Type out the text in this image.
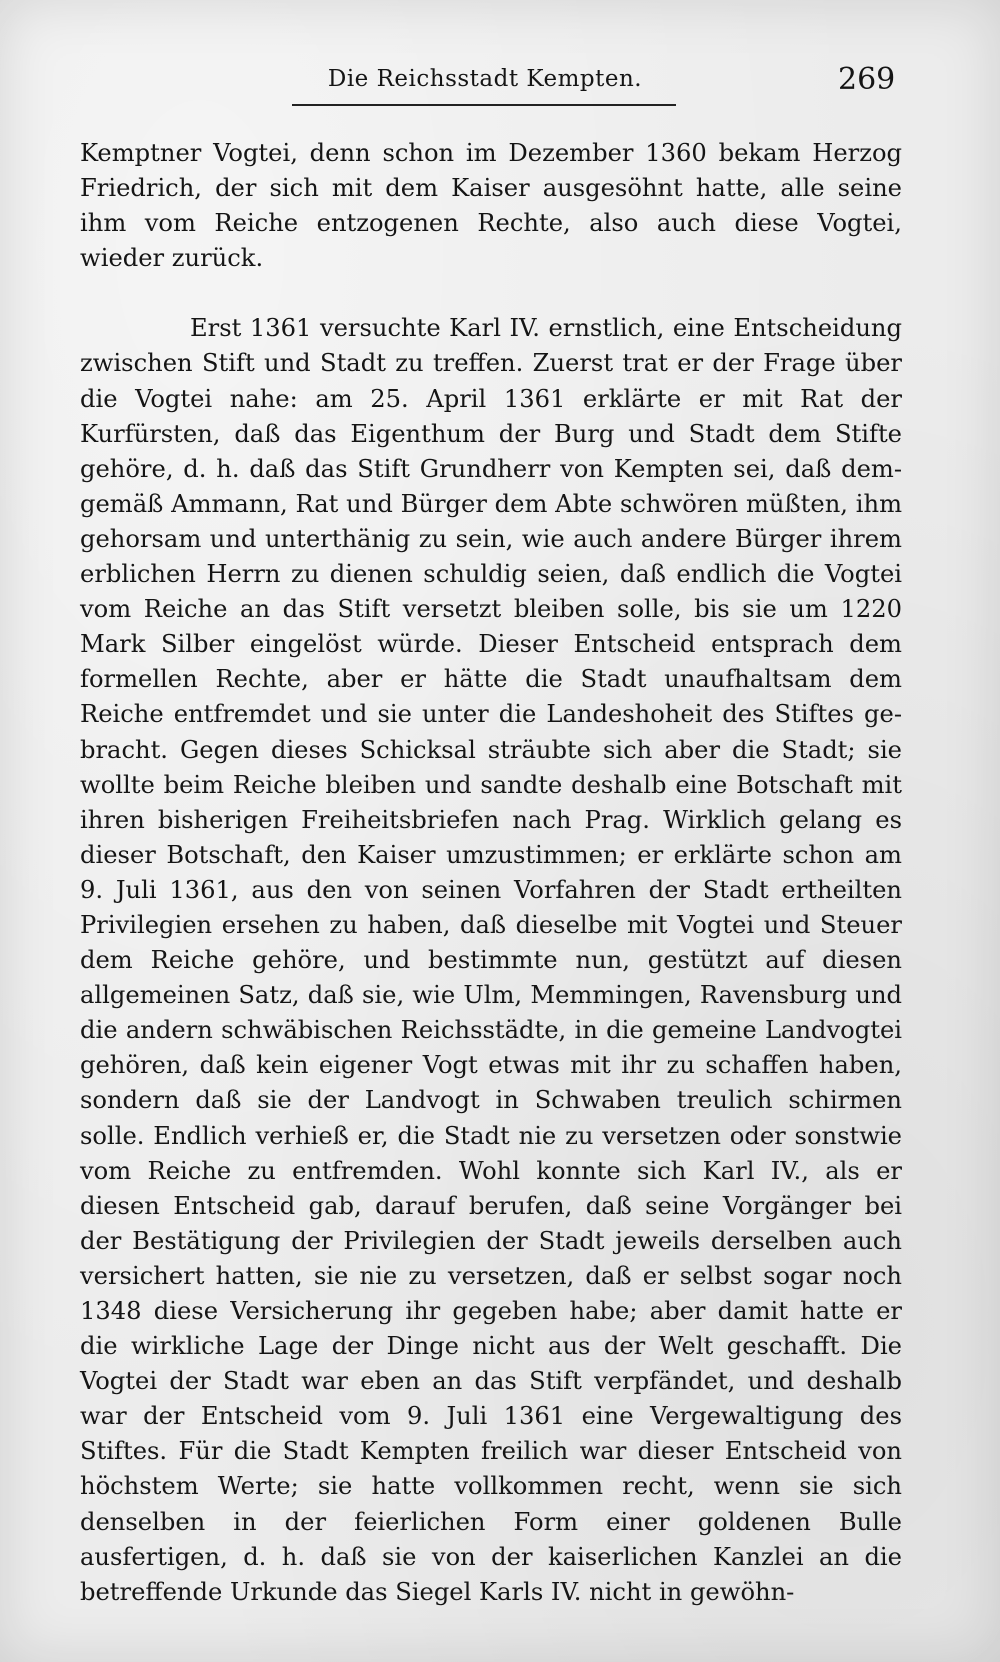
Die Reichsstadt Kempten.	269

Kemptner Vogtei, denn schon im Dezember 1360 bekam Herzog Friedrich, der sich mit dem Kaiser ausgesöhnt hatte, alle seine ihm vom Reiche entzogenen Rechte, also auch diese Vogtei, wieder zurück.

Erst 1361 versuchte Karl IV. ernstlich, eine Entscheidung zwischen Stift und Stadt zu treffen. Zuerst trat er der Frage über die Vogtei nahe: am 25. April 1361 erklärte er mit Rat der Kurfürsten, daß das Eigenthum der Burg und Stadt dem Stifte gehöre, d. h. daß das Stift Grundherr von Kempten sei, daß demgemäß Ammann, Rat und Bürger dem Abte schwören müßten, ihm gehorsam und unterthänig zu sein, wie auch andere Bürger ihrem erblichen Herrn zu dienen schuldig seien, daß endlich die Vogtei vom Reiche an das Stift versetzt bleiben solle, bis sie um 1220 Mark Silber eingelöst würde. Dieser Entscheid entsprach dem formellen Rechte, aber er hätte die Stadt unaufhaltsam dem Reiche entfremdet und sie unter die Landeshoheit des Stiftes gebracht. Gegen dieses Schicksal sträubte sich aber die Stadt; sie wollte beim Reiche bleiben und sandte deshalb eine Botschaft mit ihren bisherigen Freiheitsbriefen nach Prag. Wirklich gelang es dieser Botschaft, den Kaiser umzustimmen; er erklärte schon am 9. Juli 1361, aus den von seinen Vorfahren der Stadt ertheilten Privilegien ersehen zu haben, daß dieselbe mit Vogtei und Steuer dem Reiche gehöre, und bestimmte nun, gestützt auf diesen allgemeinen Satz, daß sie, wie Ulm, Memmingen, Ravensburg und die andern schwäbischen Reichsstädte, in die gemeine Landvogtei gehören, daß kein eigener Vogt etwas mit ihr zu schaffen haben, sondern daß sie der Landvogt in Schwaben treulich schirmen solle. Endlich verhieß er, die Stadt nie zu versetzen oder sonstwie vom Reiche zu entfremden. Wohl konnte sich Karl IV., als er diesen Entscheid gab, darauf berufen, daß seine Vorgänger bei der Bestätigung der Privilegien der Stadt jeweils derselben auch versichert hatten, sie nie zu versetzen, daß er selbst sogar noch 1348 diese Versicherung ihr gegeben habe; aber damit hatte er die wirkliche Lage der Dinge nicht aus der Welt geschafft. Die Vogtei der Stadt war eben an das Stift verpfändet, und deshalb war der Entscheid vom 9. Juli 1361 eine Vergewaltigung des Stiftes. Für die Stadt Kempten freilich war dieser Entscheid von höchstem Werte; sie hatte vollkommen recht, wenn sie sich denselben in der feierlichen Form einer goldenen Bulle ausfertigen, d. h. daß sie von der kaiserlichen Kanzlei an die betreffende Urkunde das Siegel Karls IV. nicht in gewöhn-
